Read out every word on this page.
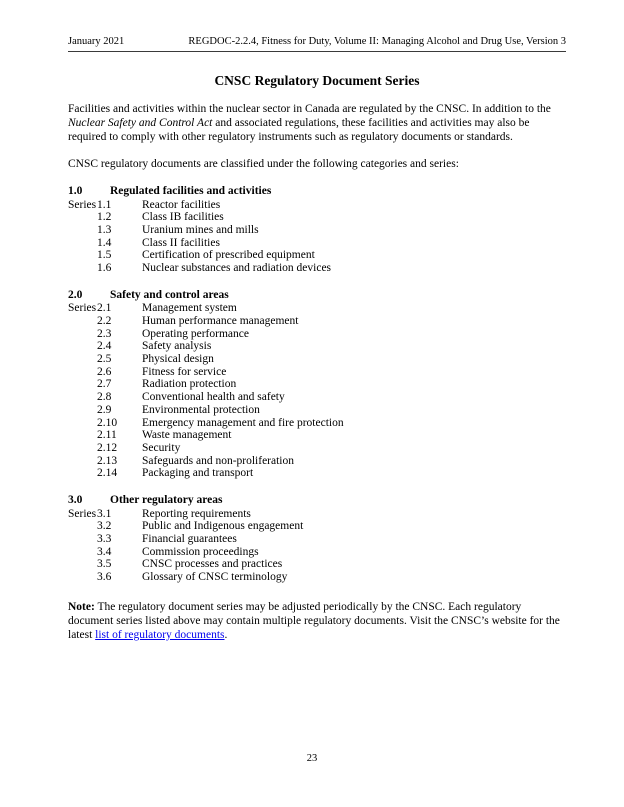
January 2021	REGDOC-2.2.4, Fitness for Duty, Volume II: Managing Alcohol and Drug Use, Version 3
CNSC Regulatory Document Series

Facilities and activities within the nuclear sector in Canada are regulated by the CNSC. In addition to the Nuclear Safety and Control Act and associated regulations, these facilities and activities may also be required to comply with other regulatory instruments such as regulatory documents or standards.

CNSC regulatory documents are classified under the following categories and series:

1.0	Regulated facilities and activities
Series 1.1	Reactor facilities
1.2	Class IB facilities
1.3	Uranium mines and mills
1.4	Class II facilities
1.5	Certification of prescribed equipment
1.6	Nuclear substances and radiation devices
2.0	Safety and control areas
Series 2.1	Management system
2.2	Human performance management
2.3	Operating performance
2.4	Safety analysis
2.5	Physical design
2.6	Fitness for service
2.7	Radiation protection
2.8	Conventional health and safety
2.9	Environmental protection
2.10	Emergency management and fire protection
2.11	Waste management
2.12	Security
2.13	Safeguards and non-proliferation
2.14	Packaging and transport
3.0	Other regulatory areas
Series 3.1	Reporting requirements
3.2	Public and Indigenous engagement
3.3	Financial guarantees
3.4	Commission proceedings
3.5	CNSC processes and practices
3.6	Glossary of CNSC terminology

Note: The regulatory document series may be adjusted periodically by the CNSC. Each regulatory document series listed above may contain multiple regulatory documents. Visit the CNSC’s website for the latest list of regulatory documents.

23
